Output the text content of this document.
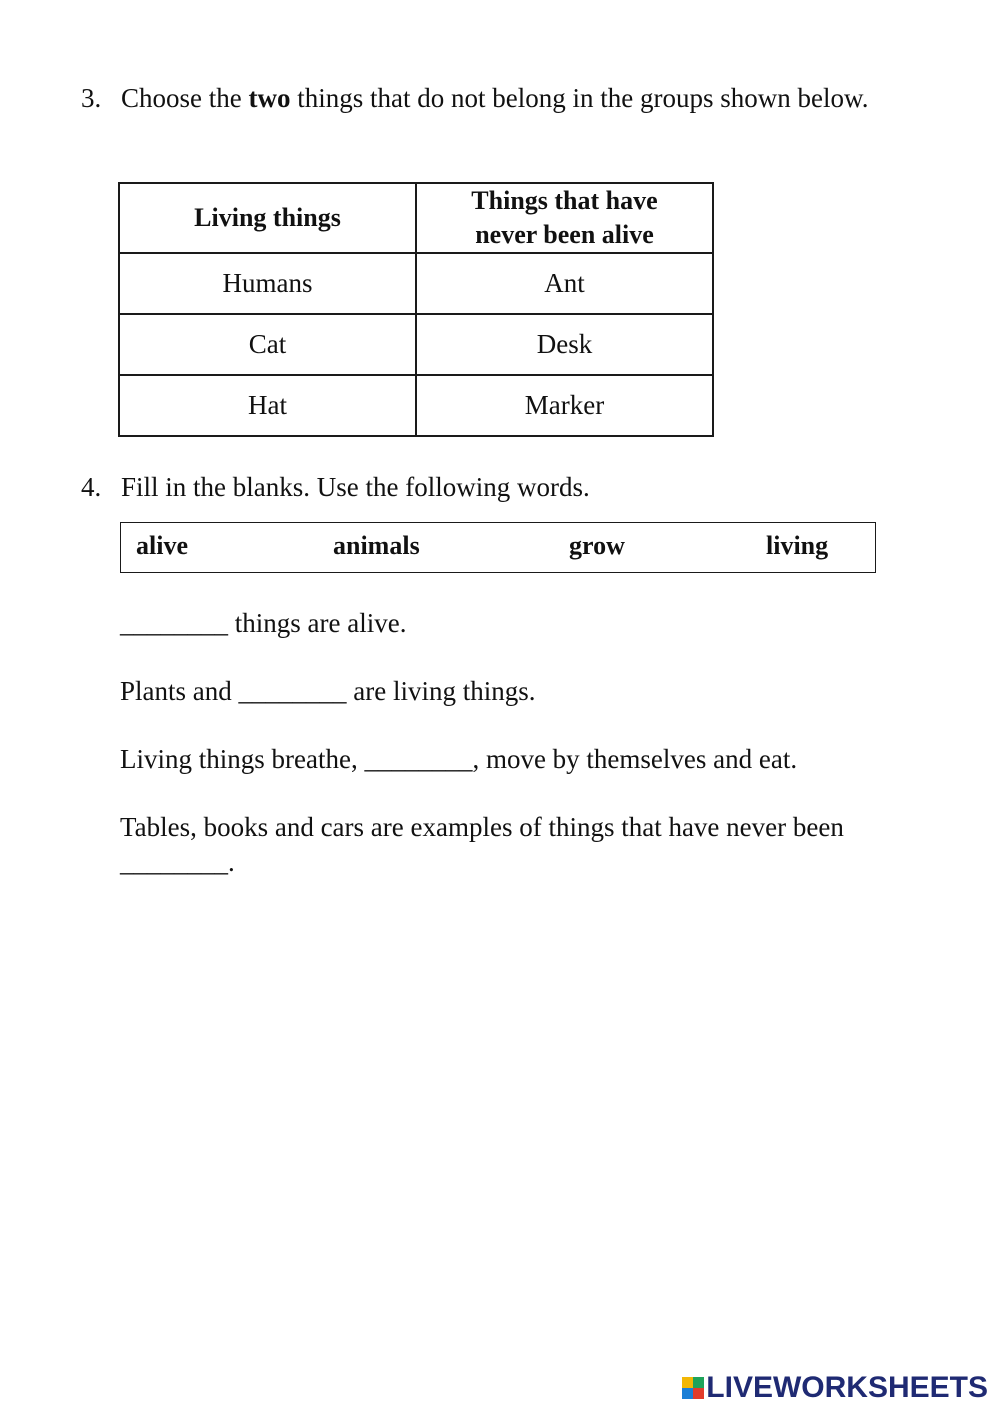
3. Choose the two things that do not belong in the groups shown below.
Living things	Things that have never been alive

Humans	Ant
Cat	Desk
Hat	Marker
4. Fill in the blanks. Use the following words.
alive	animals	grow	living
________ things are alive.
Plants and ________ are living things.
Living things breathe, ________, move by themselves and eat.
Tables, books and cars are examples of things that have never been ________.
LIVEWORKSHEETS
